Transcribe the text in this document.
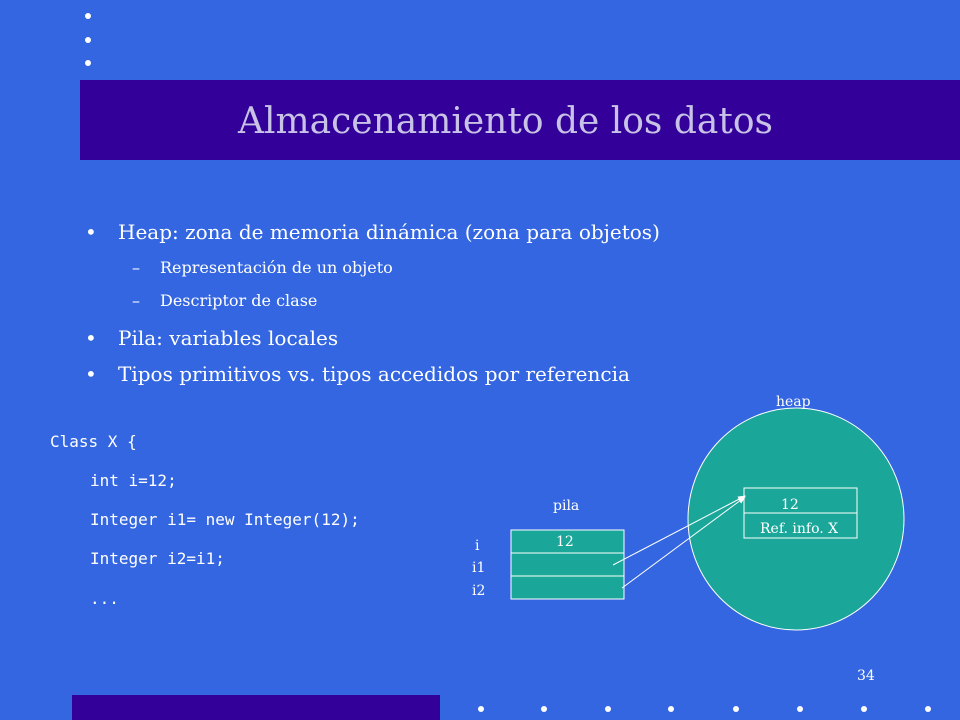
Almacenamiento de los datos
• Heap: zona de memoria dinámica (zona para objetos)
– Representación de un objeto
– Descriptor de clase
• Pila: variables locales
• Tipos primitivos vs. tipos accedidos por referencia
Class X {
int i=12;
Integer i1= new Integer(12);
Integer i2=i1;
...
heap
pila
i
i1
i2
12
12
Ref. info. X
34
